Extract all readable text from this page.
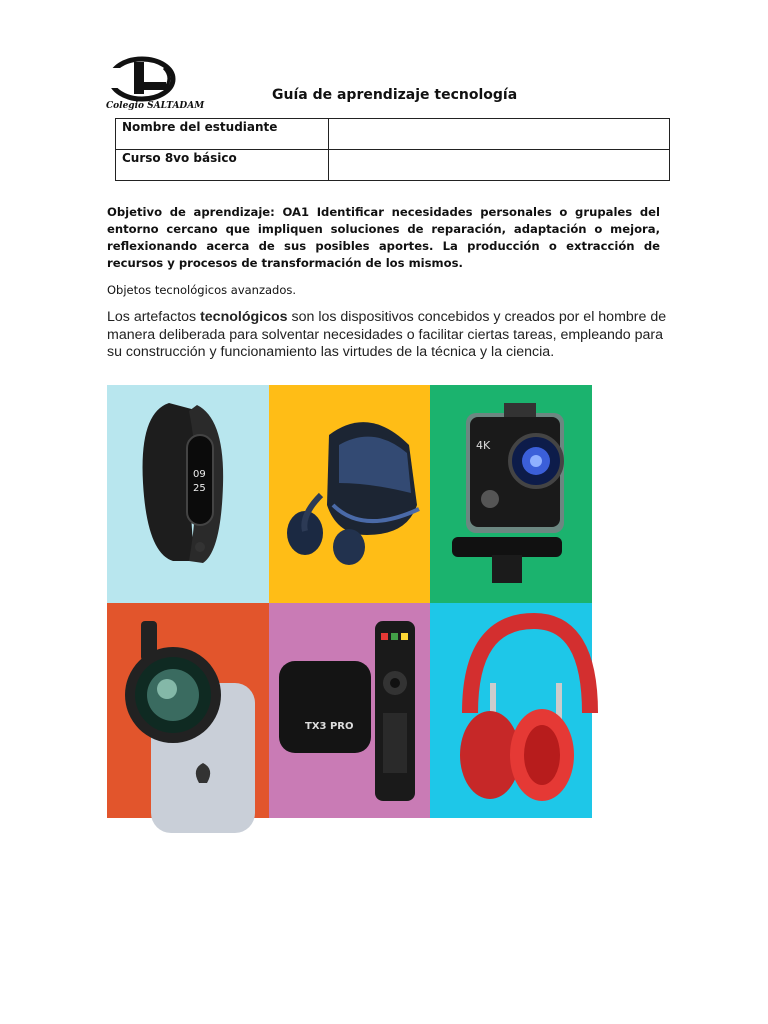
Colegio SALTADAM
Guía de aprendizaje tecnología
Nombre del estudiante	
Curso 8vo básico	
Objetivo de aprendizaje: OA1 Identificar necesidades personales o grupales del entorno cercano que impliquen soluciones de reparación, adaptación o mejora, reflexionando acerca de sus posibles aportes. La producción o extracción de recursos y procesos de transformación de los mismos.
Objetos tecnológicos avanzados.
Los artefactos tecnológicos son los dispositivos concebidos y creados por el hombre de manera deliberada para solventar necesidades o facilitar ciertas tareas, empleando para su construcción y funcionamiento las virtudes de la técnica y la ciencia.
09
25
4K
TX3 PRO
